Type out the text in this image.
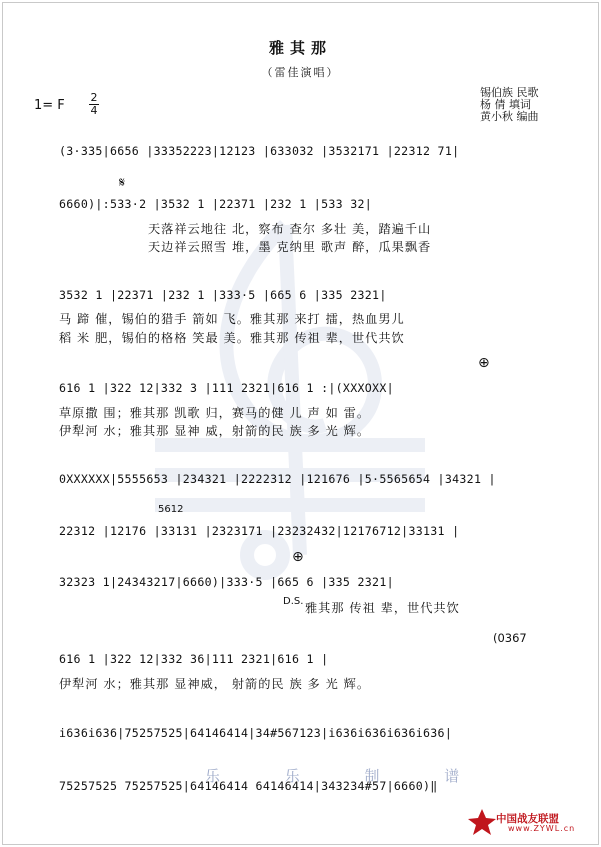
雅其那
（雷佳演唱）
锡伯族 民歌
杨 倩 填词
黄小秋 编曲
1= F
2
4
(3·335|6656 |33352223|12123 |633032 |3532171 |22312 71|
𝄋
6660)|:533·2 |3532 1 |22371 |232 1 |533 32|
天落祥云地往 北，察布 查尔 多壮 美，踏遍千山
天边祥云照雪 堆，墨 克纳里 歌声 醉，瓜果飘香
3532 1 |22371 |232 1 |333·5 |665 6 |335 2321|
马 蹄 催，锡伯的猎手 箭如 飞。雅其那 来打 擂，热血男儿
稻 米 肥，锡伯的格格 笑最 美。雅其那 传祖 辈，世代共饮
⊕
616 1 |322 12|332 3 |111 2321|616 1 :|(XXXOXX|
草原撒 围；雅其那 凯歌 归，赛马的健 儿 声 如 雷。
伊犁河 水；雅其那 显神 威，射箭的民 族 多 光 辉。
0XXXXXX|5555653 |234321 |2222312 |121676 |5·5565654 |34321 |
5612
22312 |12176 |33131 |2323171 |23232432|12176712|33131 |
⊕
32323 1|24343217|6660)|333·5 |665 6 |335 2321|
D.S. 雅其那 传祖 辈，世代共饮
(0367
616 1 |322 12|332 36|111 2321|616 1 |
伊犁河 水；雅其那 显神威， 射箭的民 族 多 光 辉。
i636i636|75257525|64146414|34#567123|i636i636i636i636|
乐 乐 制 谱
75257525 75257525|64146414 64146414|343234#57|6660)‖
中国战友联盟
www.ZYWL.cn
